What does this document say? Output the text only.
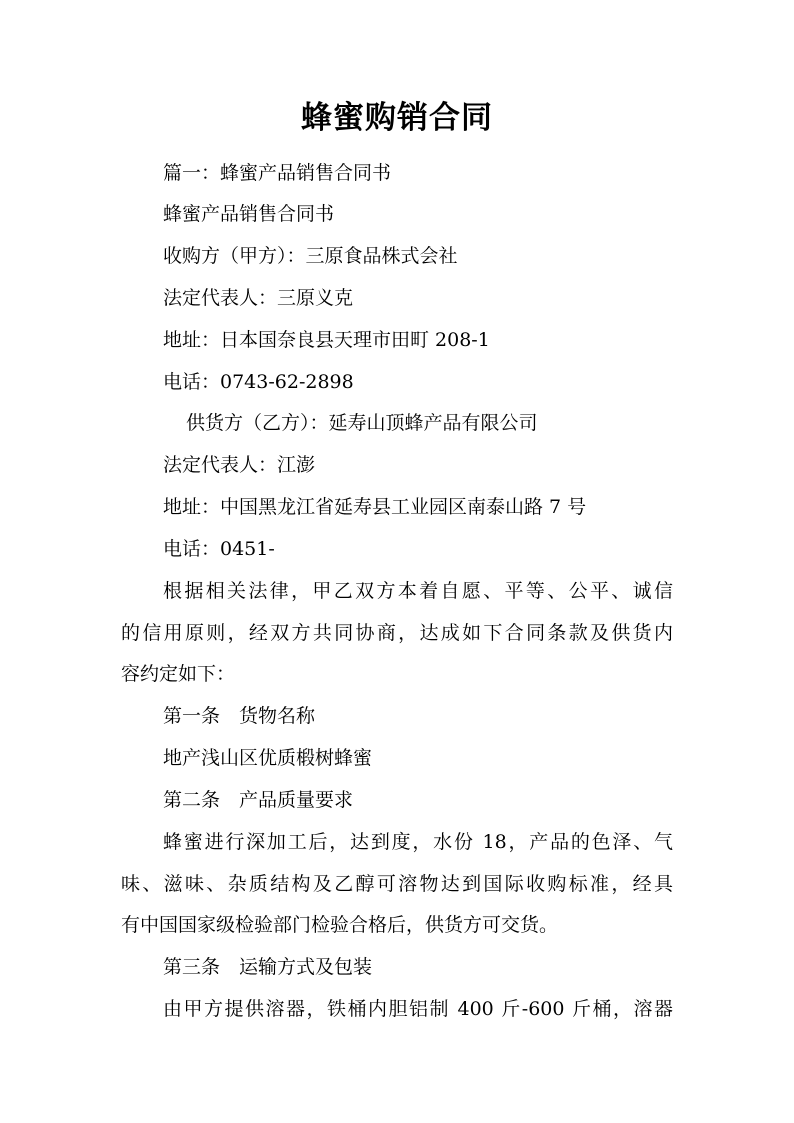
蜂蜜购销合同

篇一：蜂蜜产品销售合同书

蜂蜜产品销售合同书

收购方（甲方）：三原食品株式会社

法定代表人：三原义克

地址：日本国奈良县天理市田町 208-1

电话：0743-62-2898

供货方（乙方）：延寿山顶蜂产品有限公司

法定代表人：江澎

地址：中国黑龙江省延寿县工业园区南泰山路 7 号

电话：0451-

根据相关法律，甲乙双方本着自愿、平等、公平、诚信

的信用原则，经双方共同协商，达成如下合同条款及供货内

容约定如下：

第一条　货物名称

地产浅山区优质椴树蜂蜜

第二条　产品质量要求

蜂蜜进行深加工后，达到度，水份 18，产品的色泽、气

味、滋味、杂质结构及乙醇可溶物达到国际收购标准，经具

有中国国家级检验部门检验合格后，供货方可交货。

第三条　运输方式及包装

由甲方提供溶器，铁桶内胆铝制 400 斤-600 斤桶，溶器
